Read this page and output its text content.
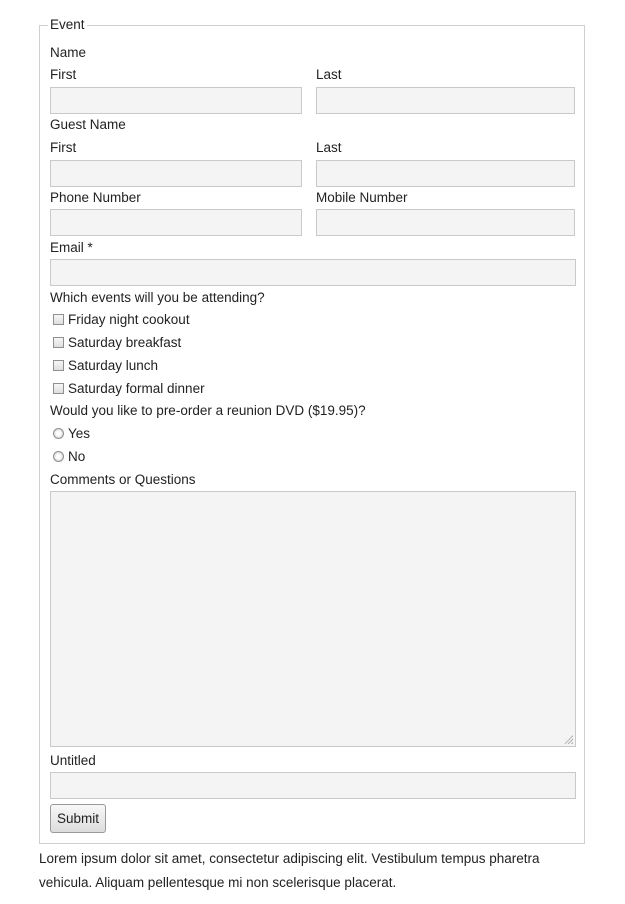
Event
Name
First	Last
Guest Name
First	Last
Phone Number	Mobile Number
Email *
Which events will you be attending?
Friday night cookout
Saturday breakfast
Saturday lunch
Saturday formal dinner
Would you like to pre-order a reunion DVD ($19.95)?
Yes
No
Comments or Questions
Untitled
Submit
Lorem ipsum dolor sit amet, consectetur adipiscing elit. Vestibulum tempus pharetra vehicula. Aliquam pellentesque mi non scelerisque placerat.
